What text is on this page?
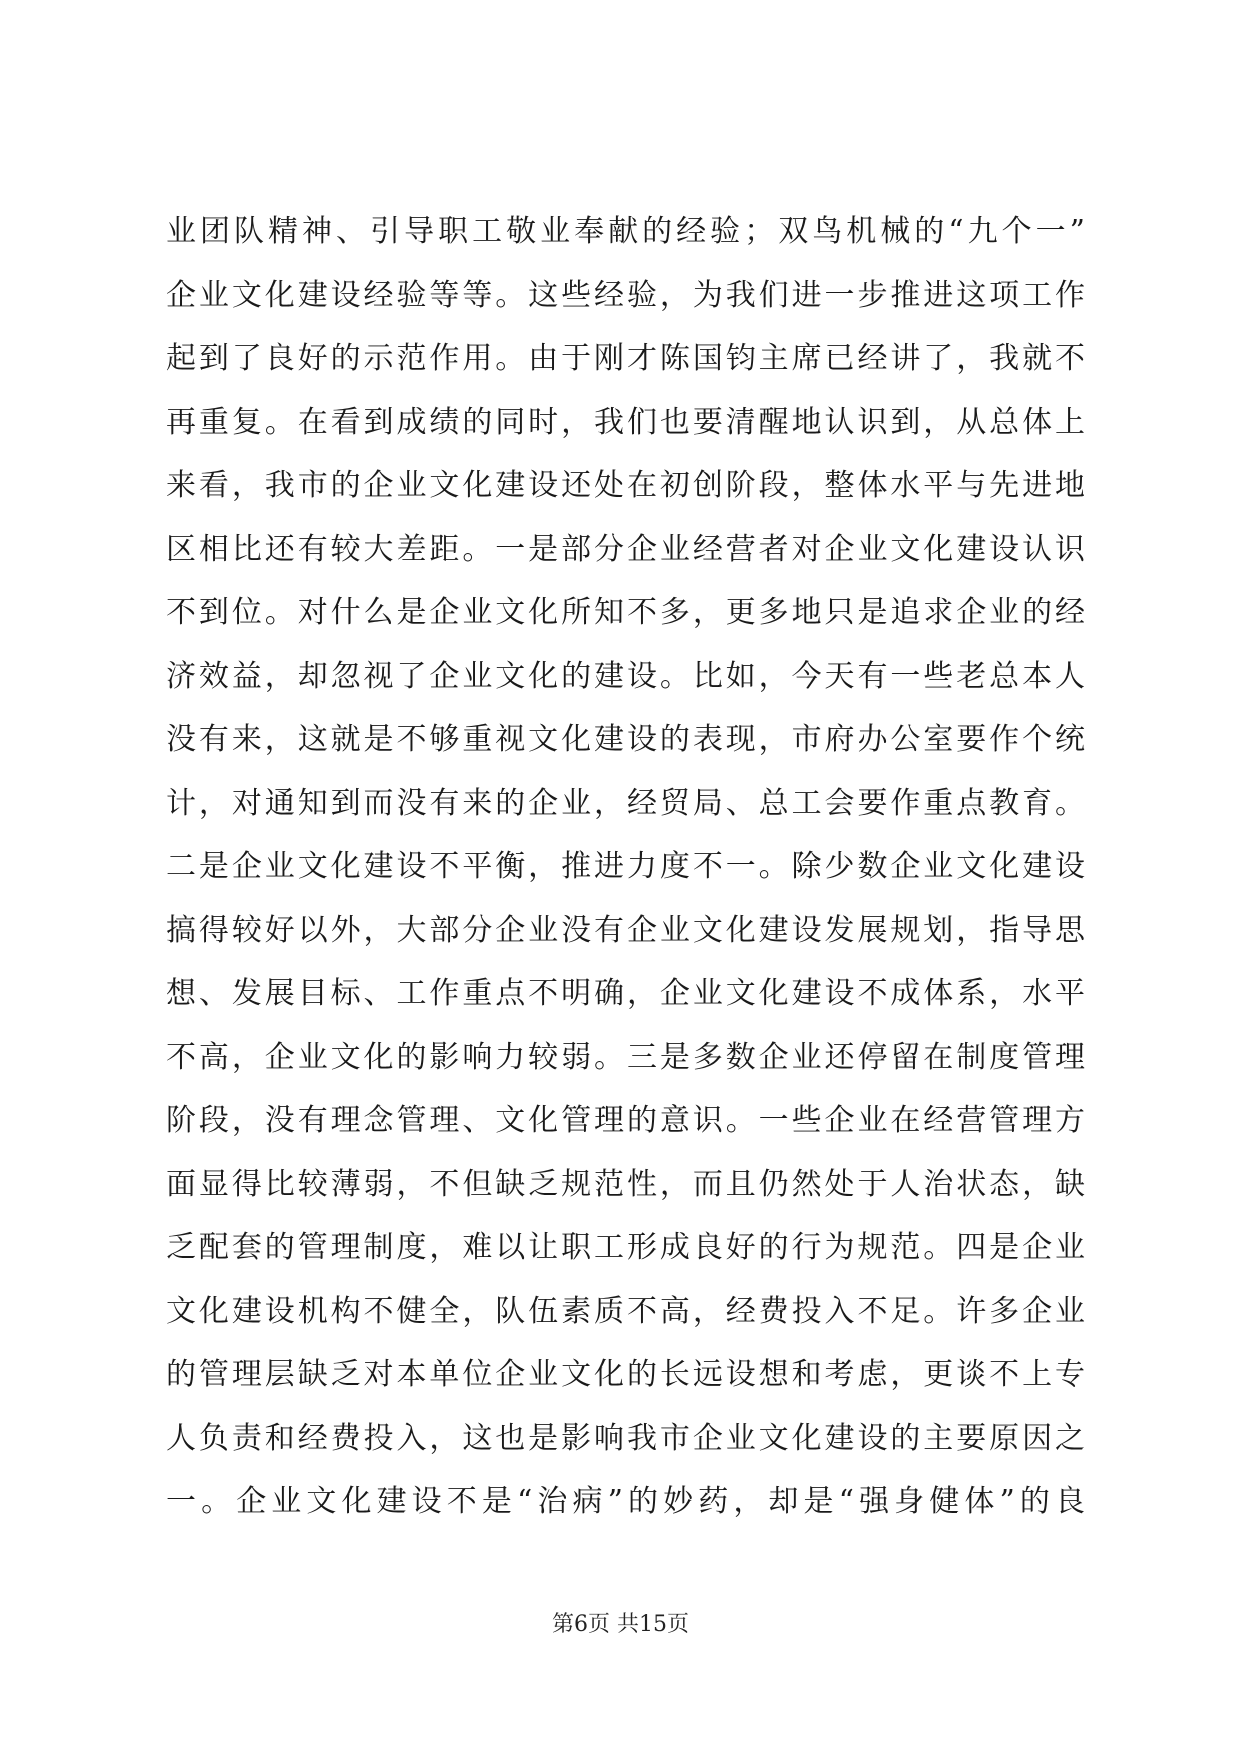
业团队精神、引导职工敬业奉献的经验；双鸟机械的“九个一”
企业文化建设经验等等。这些经验，为我们进一步推进这项工作
起到了良好的示范作用。由于刚才陈国钧主席已经讲了，我就不
再重复。在看到成绩的同时，我们也要清醒地认识到，从总体上
来看，我市的企业文化建设还处在初创阶段，整体水平与先进地
区相比还有较大差距。一是部分企业经营者对企业文化建设认识
不到位。对什么是企业文化所知不多，更多地只是追求企业的经
济效益，却忽视了企业文化的建设。比如，今天有一些老总本人
没有来，这就是不够重视文化建设的表现，市府办公室要作个统
计，对通知到而没有来的企业，经贸局、总工会要作重点教育。
二是企业文化建设不平衡，推进力度不一。除少数企业文化建设
搞得较好以外，大部分企业没有企业文化建设发展规划，指导思
想、发展目标、工作重点不明确，企业文化建设不成体系，水平
不高，企业文化的影响力较弱。三是多数企业还停留在制度管理
阶段，没有理念管理、文化管理的意识。一些企业在经营管理方
面显得比较薄弱，不但缺乏规范性，而且仍然处于人治状态，缺
乏配套的管理制度，难以让职工形成良好的行为规范。四是企业
文化建设机构不健全，队伍素质不高，经费投入不足。许多企业
的管理层缺乏对本单位企业文化的长远设想和考虑，更谈不上专
人负责和经费投入，这也是影响我市企业文化建设的主要原因之
一。企业文化建设不是“治病”的妙药，却是“强身健体”的良
第6页 共15页
